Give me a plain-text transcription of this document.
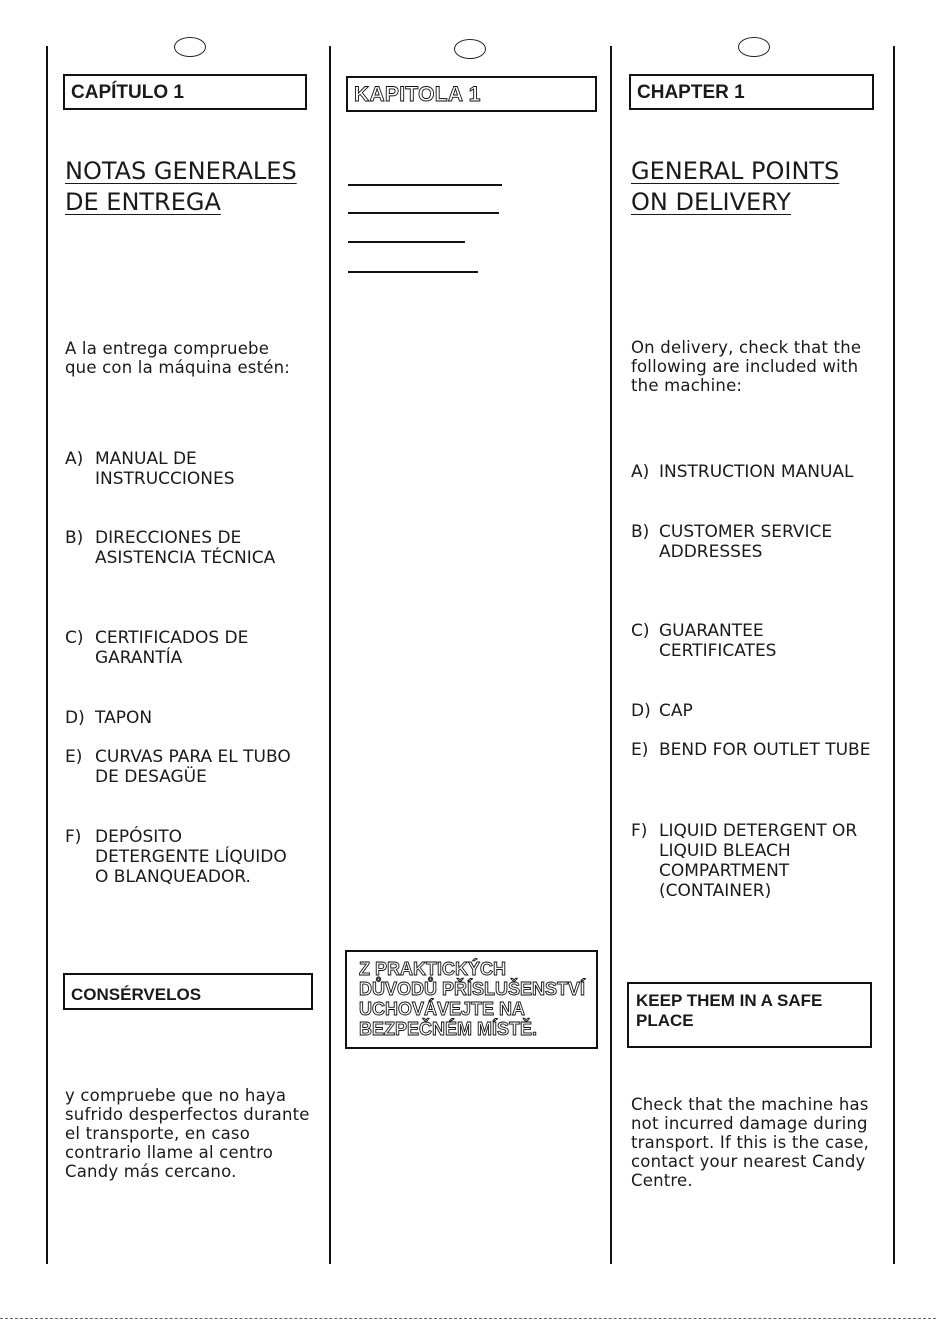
CAPÍTULO 1
NOTAS GENERALES
DE ENTREGA
A la entrega compruebe
que con la máquina estén:
A) MANUAL DE
INSTRUCCIONES
B) DIRECCIONES DE
ASISTENCIA TÉCNICA
C) CERTIFICADOS DE
GARANTÍA
D) TAPON
E) CURVAS PARA EL TUBO
DE DESAGÜE
F) DEPÓSITO
DETERGENTE LÍQUIDO
O BLANQUEADOR.
CONSÉRVELOS
y compruebe que no haya
sufrido desperfectos durante
el transporte, en caso
contrario llame al centro
Candy más cercano.
KAPITOLA 1
Z PRAKTICKÝCH
DŮVODŮ PŘÍSLUŠENSTVÍ
UCHOVÁVEJTE NA
BEZPEČNÉM MÍSTĚ.
CHAPTER 1
GENERAL POINTS
ON DELIVERY
On delivery, check that the
following are included with
the machine:
A) INSTRUCTION MANUAL
B) CUSTOMER SERVICE
ADDRESSES
C) GUARANTEE
CERTIFICATES
D) CAP
E) BEND FOR OUTLET TUBE
F) LIQUID DETERGENT OR
LIQUID BLEACH
COMPARTMENT
(CONTAINER)
KEEP THEM IN A SAFE
PLACE
Check that the machine has
not incurred damage during
transport. If this is the case,
contact your nearest Candy
Centre.
